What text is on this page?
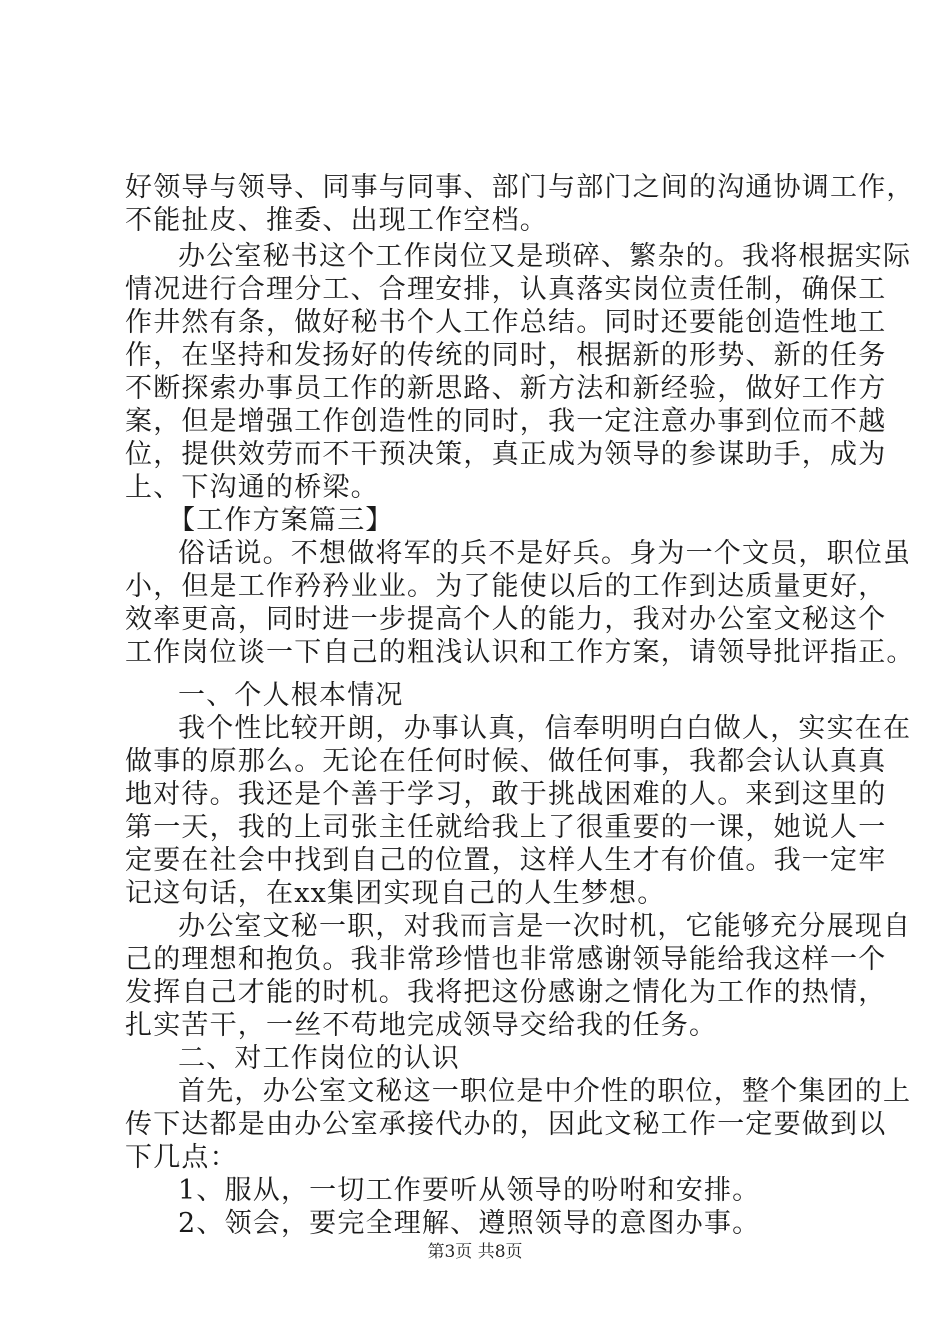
好领导与领导、同事与同事、部门与部门之间的沟通协调工作，
不能扯皮、推委、出现工作空档。
办公室秘书这个工作岗位又是琐碎、繁杂的。我将根据实际
情况进行合理分工、合理安排，认真落实岗位责任制，确保工
作井然有条，做好秘书个人工作总结。同时还要能创造性地工
作，在坚持和发扬好的传统的同时，根据新的形势、新的任务
不断探索办事员工作的新思路、新方法和新经验，做好工作方
案，但是增强工作创造性的同时，我一定注意办事到位而不越
位，提供效劳而不干预决策，真正成为领导的参谋助手，成为
上、下沟通的桥梁。
【工作方案篇三】
俗话说。不想做将军的兵不是好兵。身为一个文员，职位虽
小，但是工作矜矜业业。为了能使以后的工作到达质量更好，
效率更高，同时进一步提高个人的能力，我对办公室文秘这个
工作岗位谈一下自己的粗浅认识和工作方案，请领导批评指正。
一、个人根本情况
我个性比较开朗，办事认真，信奉明明白白做人，实实在在
做事的原那么。无论在任何时候、做任何事，我都会认认真真
地对待。我还是个善于学习，敢于挑战困难的人。来到这里的
第一天，我的上司张主任就给我上了很重要的一课，她说人一
定要在社会中找到自己的位置，这样人生才有价值。我一定牢
记这句话，在xx集团实现自己的人生梦想。
办公室文秘一职，对我而言是一次时机，它能够充分展现自
己的理想和抱负。我非常珍惜也非常感谢领导能给我这样一个
发挥自己才能的时机。我将把这份感谢之情化为工作的热情，
扎实苦干，一丝不苟地完成领导交给我的任务。
二、对工作岗位的认识
首先，办公室文秘这一职位是中介性的职位，整个集团的上
传下达都是由办公室承接代办的，因此文秘工作一定要做到以
下几点：
1、服从，一切工作要听从领导的吩咐和安排。
2、领会，要完全理解、遵照领导的意图办事。
第3页 共8页
